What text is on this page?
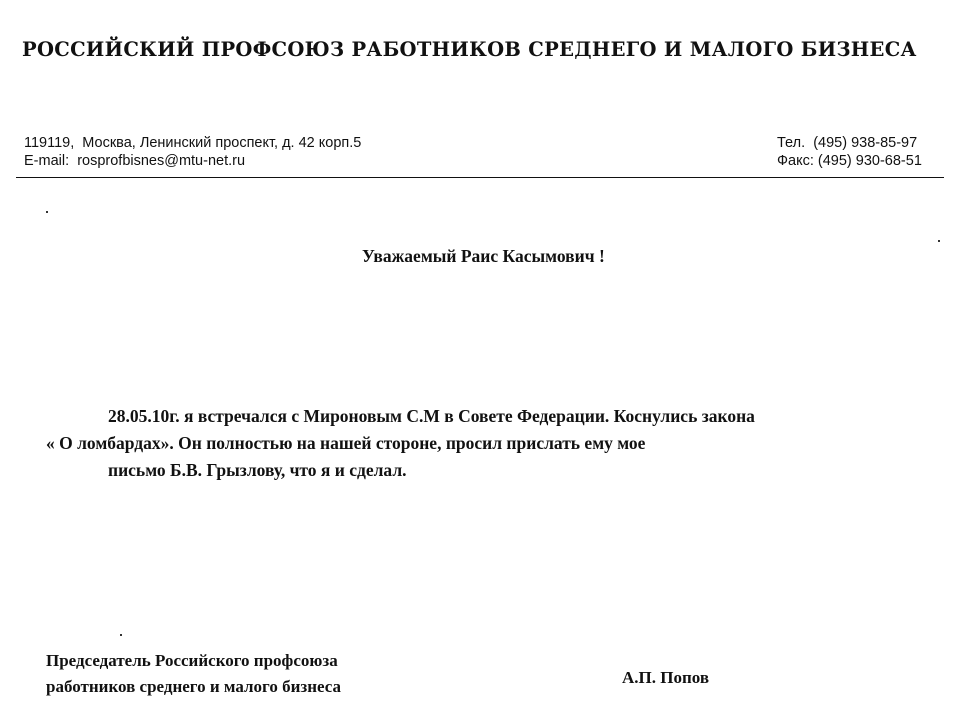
РОССИЙСКИЙ ПРОФСОЮЗ РАБОТНИКОВ СРЕДНЕГО И МАЛОГО БИЗНЕСА
119119, Москва, Ленинский проспект, д. 42 корп.5
E-mail: rosprofbisnes@mtu-net.ru
Тел. (495) 938-85-97
Факс: (495) 930-68-51
Уважаемый Раис Касымович !
28.05.10г. я встречался с Мироновым С.М в Совете Федерации. Коснулись закона
« О ломбардах». Он полностью на нашей стороне, просил прислать ему мое
письмо Б.В. Грызлову, что я и сделал.
Председатель Российского профсоюза
работников среднего и малого бизнеса	А.П. Попов
